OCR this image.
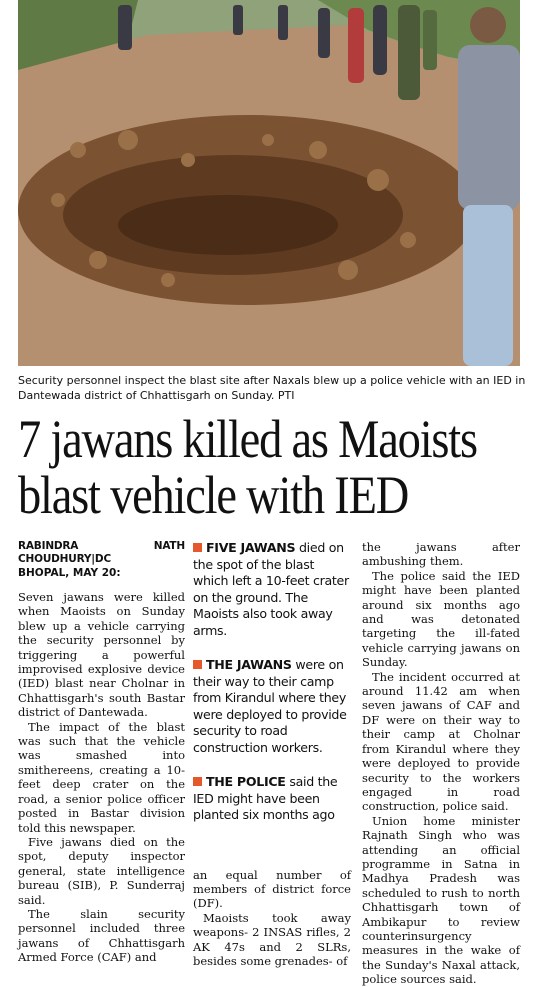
Security personnel inspect the blast site after Naxals blew up a police vehicle with an IED in Dantewada district of Chhattisgarh on Sunday. PTI
7 jawans killed as Maoists
blast vehicle with IED
RABINDRA NATH CHOUDHURY|DC
BHOPAL, MAY 20:

Seven jawans were killed when Maoists on Sunday blew up a vehicle carrying the security personnel by triggering a powerful improvised explosive device (IED) blast near Cholnar in Chhattisgarh's south Bastar district of Dantewada.

The impact of the blast was such that the vehicle was smashed into smithereens, creating a 10-feet deep crater on the road, a senior police officer posted in Bastar division told this newspaper.

Five jawans died on the spot, deputy inspector general, state intelligence bureau (SIB), P. Sunderraj said.

The slain security personnel included three jawans of Chhattisgarh Armed Force (CAF) and

FIVE JAWANS died on the spot of the blast which left a 10-feet crater on the ground. The Maoists also took away arms.
THE JAWANS were on their way to their camp from Kirandul where they were deployed to provide security to road construction workers.
THE POLICE said the IED might have been planted six months ago

an equal number of members of district force (DF).

Maoists took away weapons- 2 INSAS rifles, 2 AK 47s and 2 SLRs, besides some grenades- of

the jawans after ambushing them.

The police said the IED might have been planted around six months ago and was detonated targeting the ill-fated vehicle carrying jawans on Sunday.

The incident occurred at around 11.42 am when seven jawans of CAF and DF were on their way to their camp at Cholnar from Kirandul where they were deployed to provide security to the workers engaged in road construction, police said.

Union home minister Rajnath Singh who was attending an official programme in Satna in Madhya Pradesh was scheduled to rush to north Chhattisgarh town of Ambikapur to review counterinsurgency measures in the wake of the Sunday's Naxal attack, police sources said.
